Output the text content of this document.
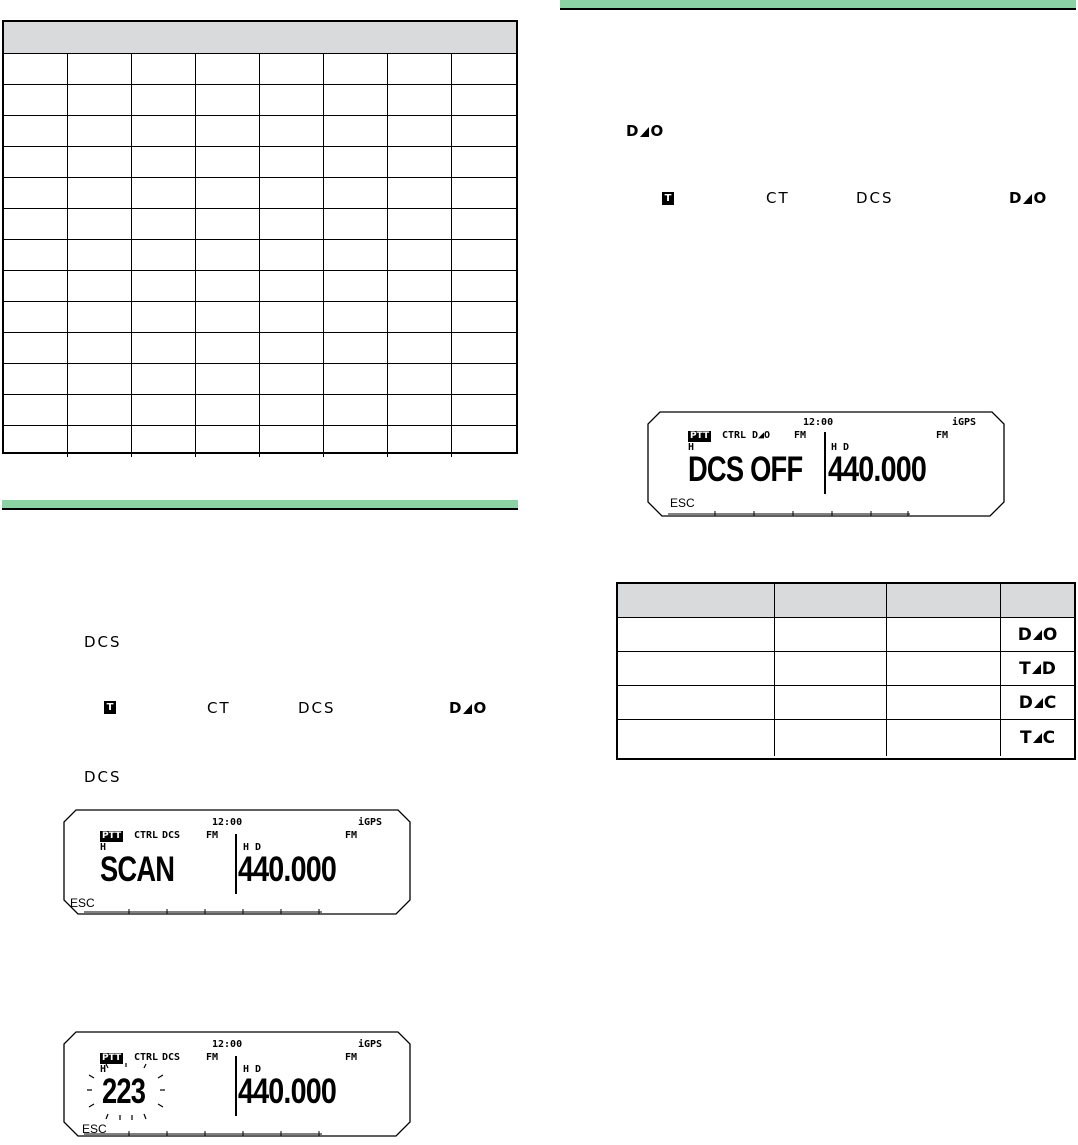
DCS
T	CT	DCS	D O
DCS
D O
T	CT	DCS	D O
PTT CTRL DCS
12:00	iGPS
FM	FM
H	H D
SCAN 440.000
ESC
PTT CTRL DCS
12:00	iGPS
FM	FM
H	H D
223	440.000
ESC
PTT CTRL D◢O
12:00	iGPS
FM	FM
H	H D
DCS OFF 440.000
ESC
D O
T D
D C
T C
